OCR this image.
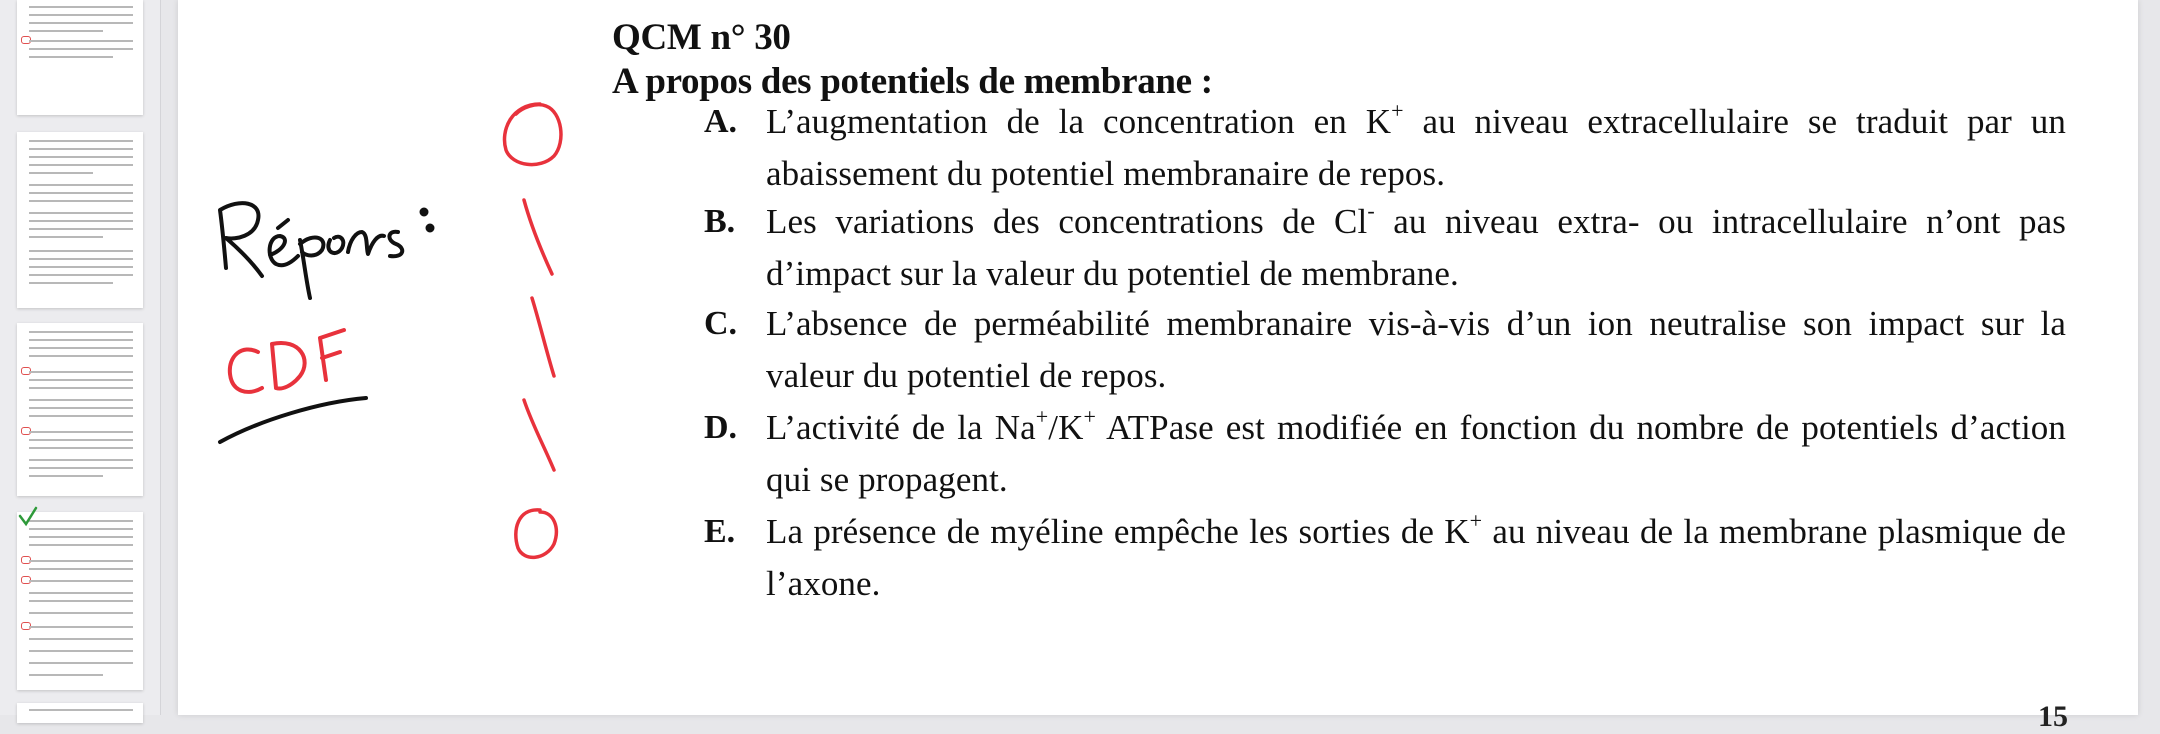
QCM n° 30
A propos des potentiels de membrane :
A. L’augmentation de la concentration en K+ au niveau extracellulaire se traduit par un abaissement du potentiel membranaire de repos.
B. Les variations des concentrations de Cl- au niveau extra- ou intracellulaire n’ont pas d’impact sur la valeur du potentiel de membrane.
C. L’absence de perméabilité membranaire vis-à-vis d’un ion neutralise son impact sur la valeur du potentiel de repos.
D. L’activité de la Na+/K+ ATPase est modifiée en fonction du nombre de potentiels d’action qui se propagent.
E. La présence de myéline empêche les sorties de K+ au niveau de la membrane plasmique de l’axone.
15
